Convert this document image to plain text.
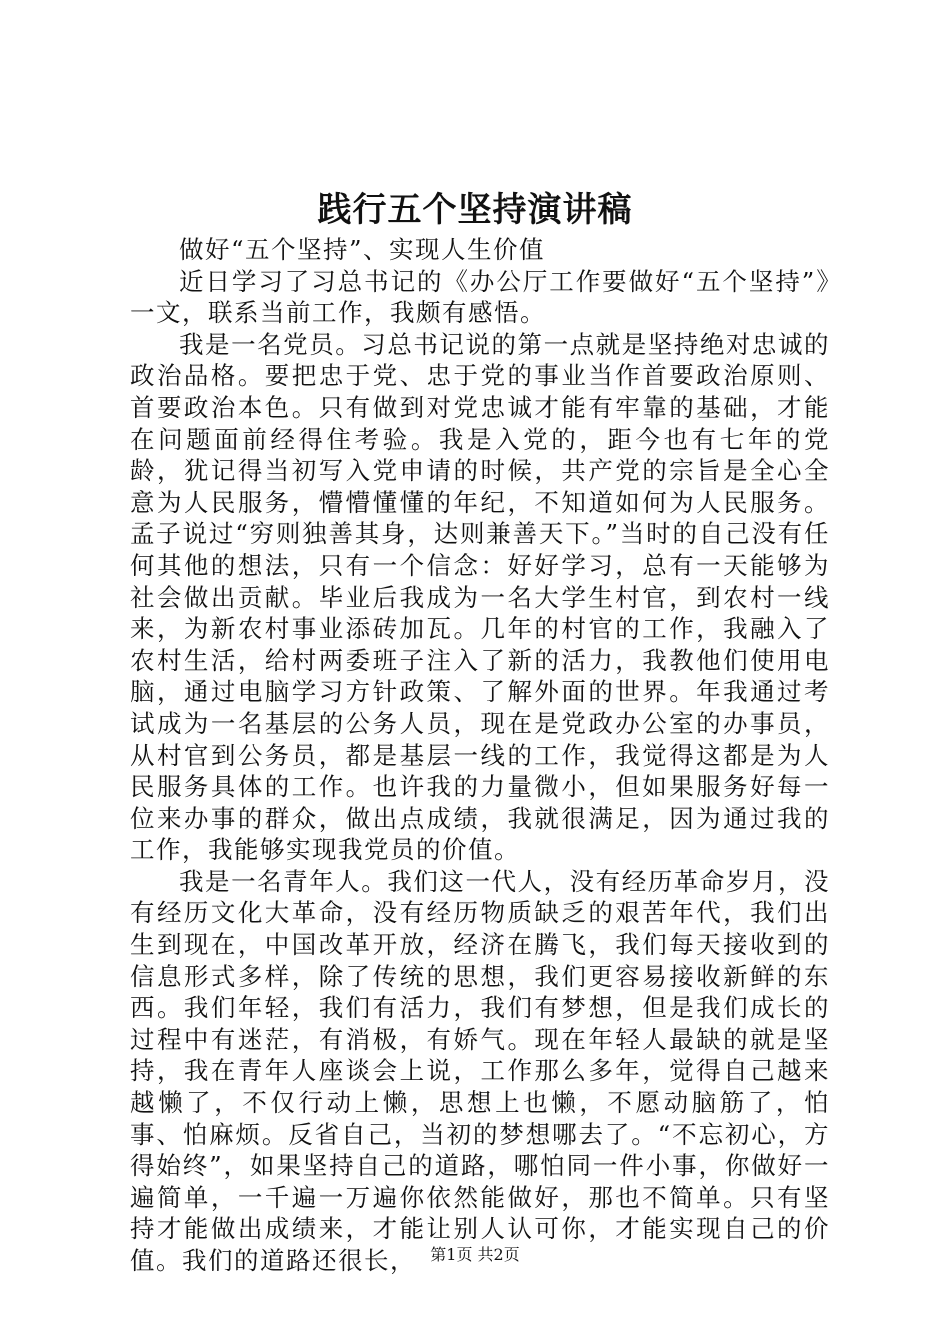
践行五个坚持演讲稿

做好“五个坚持”、实现人生价值

近日学习了习总书记的《办公厅工作要做好“五个坚持”》一文，联系当前工作，我颇有感悟。

我是一名党员。习总书记说的第一点就是坚持绝对忠诚的政治品格。要把忠于党、忠于党的事业当作首要政治原则、首要政治本色。只有做到对党忠诚才能有牢靠的基础，才能在问题面前经得住考验。我是入党的，距今也有七年的党龄，犹记得当初写入党申请的时候，共产党的宗旨是全心全意为人民服务，懵懵懂懂的年纪，不知道如何为人民服务。孟子说过“穷则独善其身，达则兼善天下。”当时的自己没有任何其他的想法，只有一个信念：好好学习，总有一天能够为社会做出贡献。毕业后我成为一名大学生村官，到农村一线来，为新农村事业添砖加瓦。几年的村官的工作，我融入了农村生活，给村两委班子注入了新的活力，我教他们使用电脑，通过电脑学习方针政策、了解外面的世界。年我通过考试成为一名基层的公务人员，现在是党政办公室的办事员，从村官到公务员，都是基层一线的工作，我觉得这都是为人民服务具体的工作。也许我的力量微小，但如果服务好每一位来办事的群众，做出点成绩，我就很满足，因为通过我的工作，我能够实现我党员的价值。

我是一名青年人。我们这一代人，没有经历革命岁月，没有经历文化大革命，没有经历物质缺乏的艰苦年代，我们出生到现在，中国改革开放，经济在腾飞，我们每天接收到的信息形式多样，除了传统的思想，我们更容易接收新鲜的东西。我们年轻，我们有活力，我们有梦想，但是我们成长的过程中有迷茫，有消极，有娇气。现在年轻人最缺的就是坚持，我在青年人座谈会上说，工作那么多年，觉得自己越来越懒了，不仅行动上懒，思想上也懒，不愿动脑筋了，怕事、怕麻烦。反省自己，当初的梦想哪去了。“不忘初心，方得始终”，如果坚持自己的道路，哪怕同一件小事，你做好一遍简单，一千遍一万遍你依然能做好，那也不简单。只有坚持才能做出成绩来，才能让别人认可你，才能实现自己的价值。我们的道路还很长， 第1页 共2页
